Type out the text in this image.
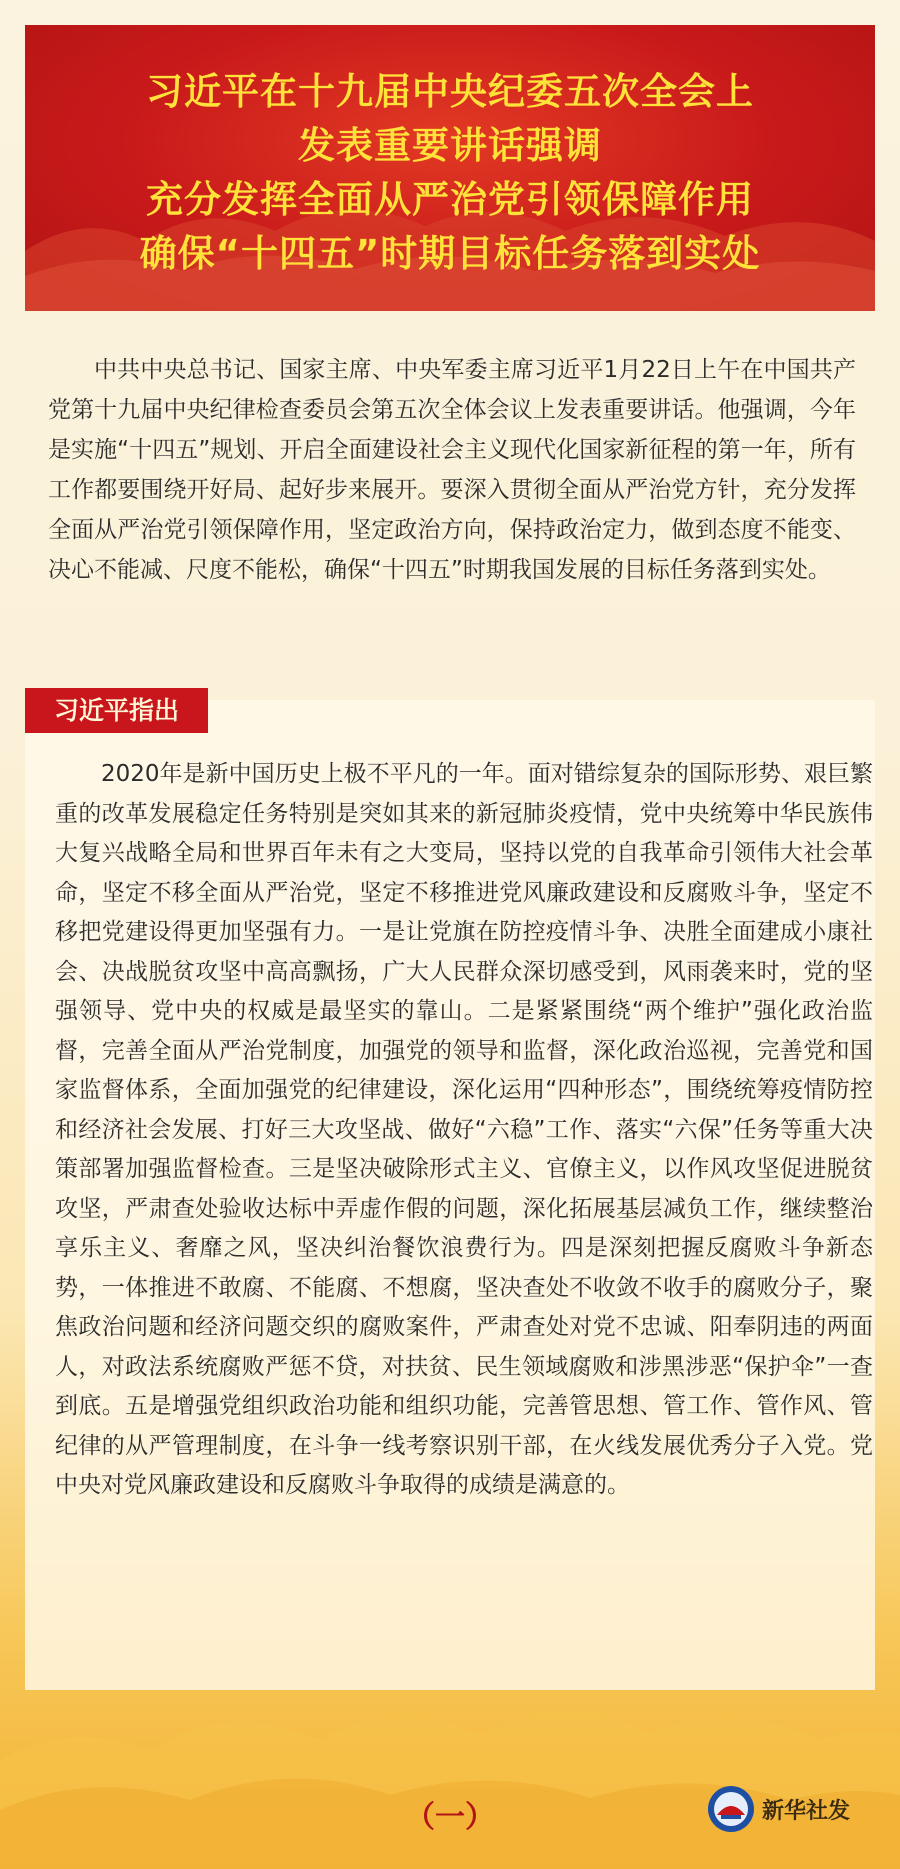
习近平在十九届中央纪委五次全会上
发表重要讲话强调
充分发挥全面从严治党引领保障作用
确保“十四五”时期目标任务落到实处

中共中央总书记、国家主席、中央军委主席习近平1月22日上午在中国共产党第十九届中央纪律检查委员会第五次全体会议上发表重要讲话。他强调，今年是实施“十四五”规划、开启全面建设社会主义现代化国家新征程的第一年，所有工作都要围绕开好局、起好步来展开。要深入贯彻全面从严治党方针，充分发挥全面从严治党引领保障作用，坚定政治方向，保持政治定力，做到态度不能变、决心不能减、尺度不能松，确保“十四五”时期我国发展的目标任务落到实处。

习近平指出

2020年是新中国历史上极不平凡的一年。面对错综复杂的国际形势、艰巨繁重的改革发展稳定任务特别是突如其来的新冠肺炎疫情，党中央统筹中华民族伟大复兴战略全局和世界百年未有之大变局，坚持以党的自我革命引领伟大社会革命，坚定不移全面从严治党，坚定不移推进党风廉政建设和反腐败斗争，坚定不移把党建设得更加坚强有力。一是让党旗在防控疫情斗争、决胜全面建成小康社会、决战脱贫攻坚中高高飘扬，广大人民群众深切感受到，风雨袭来时，党的坚强领导、党中央的权威是最坚实的靠山。二是紧紧围绕“两个维护”强化政治监督，完善全面从严治党制度，加强党的领导和监督，深化政治巡视，完善党和国家监督体系，全面加强党的纪律建设，深化运用“四种形态”，围绕统筹疫情防控和经济社会发展、打好三大攻坚战、做好“六稳”工作、落实“六保”任务等重大决策部署加强监督检查。三是坚决破除形式主义、官僚主义，以作风攻坚促进脱贫攻坚，严肃查处验收达标中弄虚作假的问题，深化拓展基层减负工作，继续整治享乐主义、奢靡之风，坚决纠治餐饮浪费行为。四是深刻把握反腐败斗争新态势，一体推进不敢腐、不能腐、不想腐，坚决查处不收敛不收手的腐败分子，聚焦政治问题和经济问题交织的腐败案件，严肃查处对党不忠诚、阳奉阴违的两面人，对政法系统腐败严惩不贷，对扶贫、民生领域腐败和涉黑涉恶“保护伞”一查到底。五是增强党组织政治功能和组织功能，完善管思想、管工作、管作风、管纪律的从严管理制度，在斗争一线考察识别干部，在火线发展优秀分子入党。党中央对党风廉政建设和反腐败斗争取得的成绩是满意的。

（一）	新华社发
